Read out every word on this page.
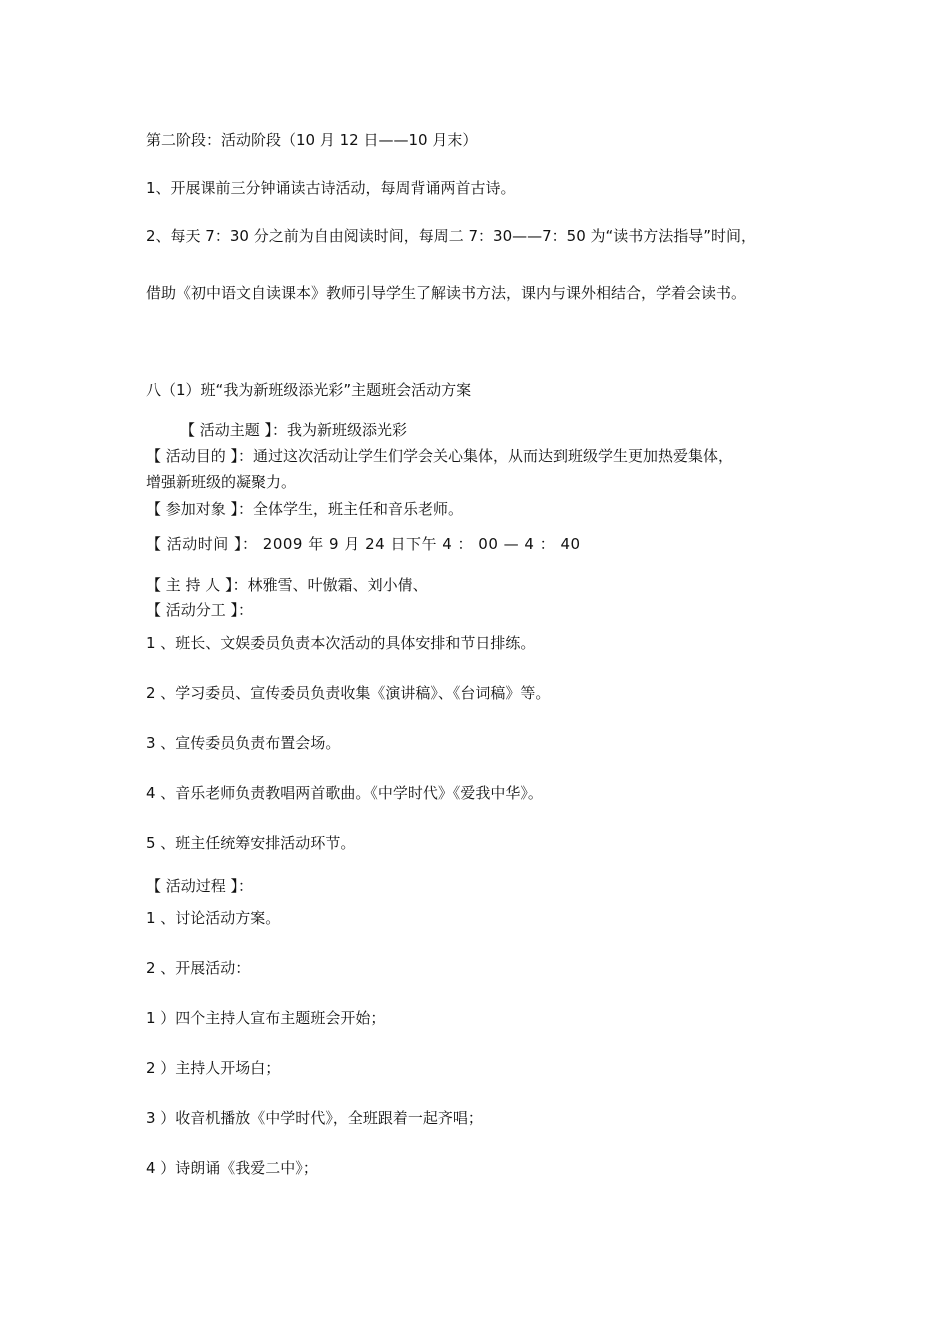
第二阶段：活动阶段（10 月 12 日——10 月末）
1、开展课前三分钟诵读古诗活动，每周背诵两首古诗。
2、每天 7：30 分之前为自由阅读时间，每周二 7：30——7：50 为“读书方法指导”时间，
借助《初中语文自读课本》教师引导学生了解读书方法，课内与课外相结合，学着会读书。
八（1）班“我为新班级添光彩”主题班会活动方案
【 活动主题 】：我为新班级添光彩
【 活动目的 】：通过这次活动让学生们学会关心集体，从而达到班级学生更加热爱集体，
增强新班级的凝聚力。
【 参加对象 】：全体学生，班主任和音乐老师。
【 活动时间 】： 2009 年 9 月 24 日下午 4 ： 00 — 4 ： 40
【 主 持 人 】：林雅雪、叶傲霜、刘小倩、
【 活动分工 】：
1 、班长、文娱委员负责本次活动的具体安排和节日排练。
2 、学习委员、宣传委员负责收集《演讲稿》、《台词稿》等。
3 、宣传委员负责布置会场。
4 、音乐老师负责教唱两首歌曲。《中学时代》《爱我中华》。
5 、班主任统筹安排活动环节。
【 活动过程 】：
1 、讨论活动方案。
2 、开展活动：
1 ）四个主持人宣布主题班会开始；
2 ）主持人开场白；
3 ）收音机播放《中学时代》，全班跟着一起齐唱；
4 ）诗朗诵《我爱二中》；
